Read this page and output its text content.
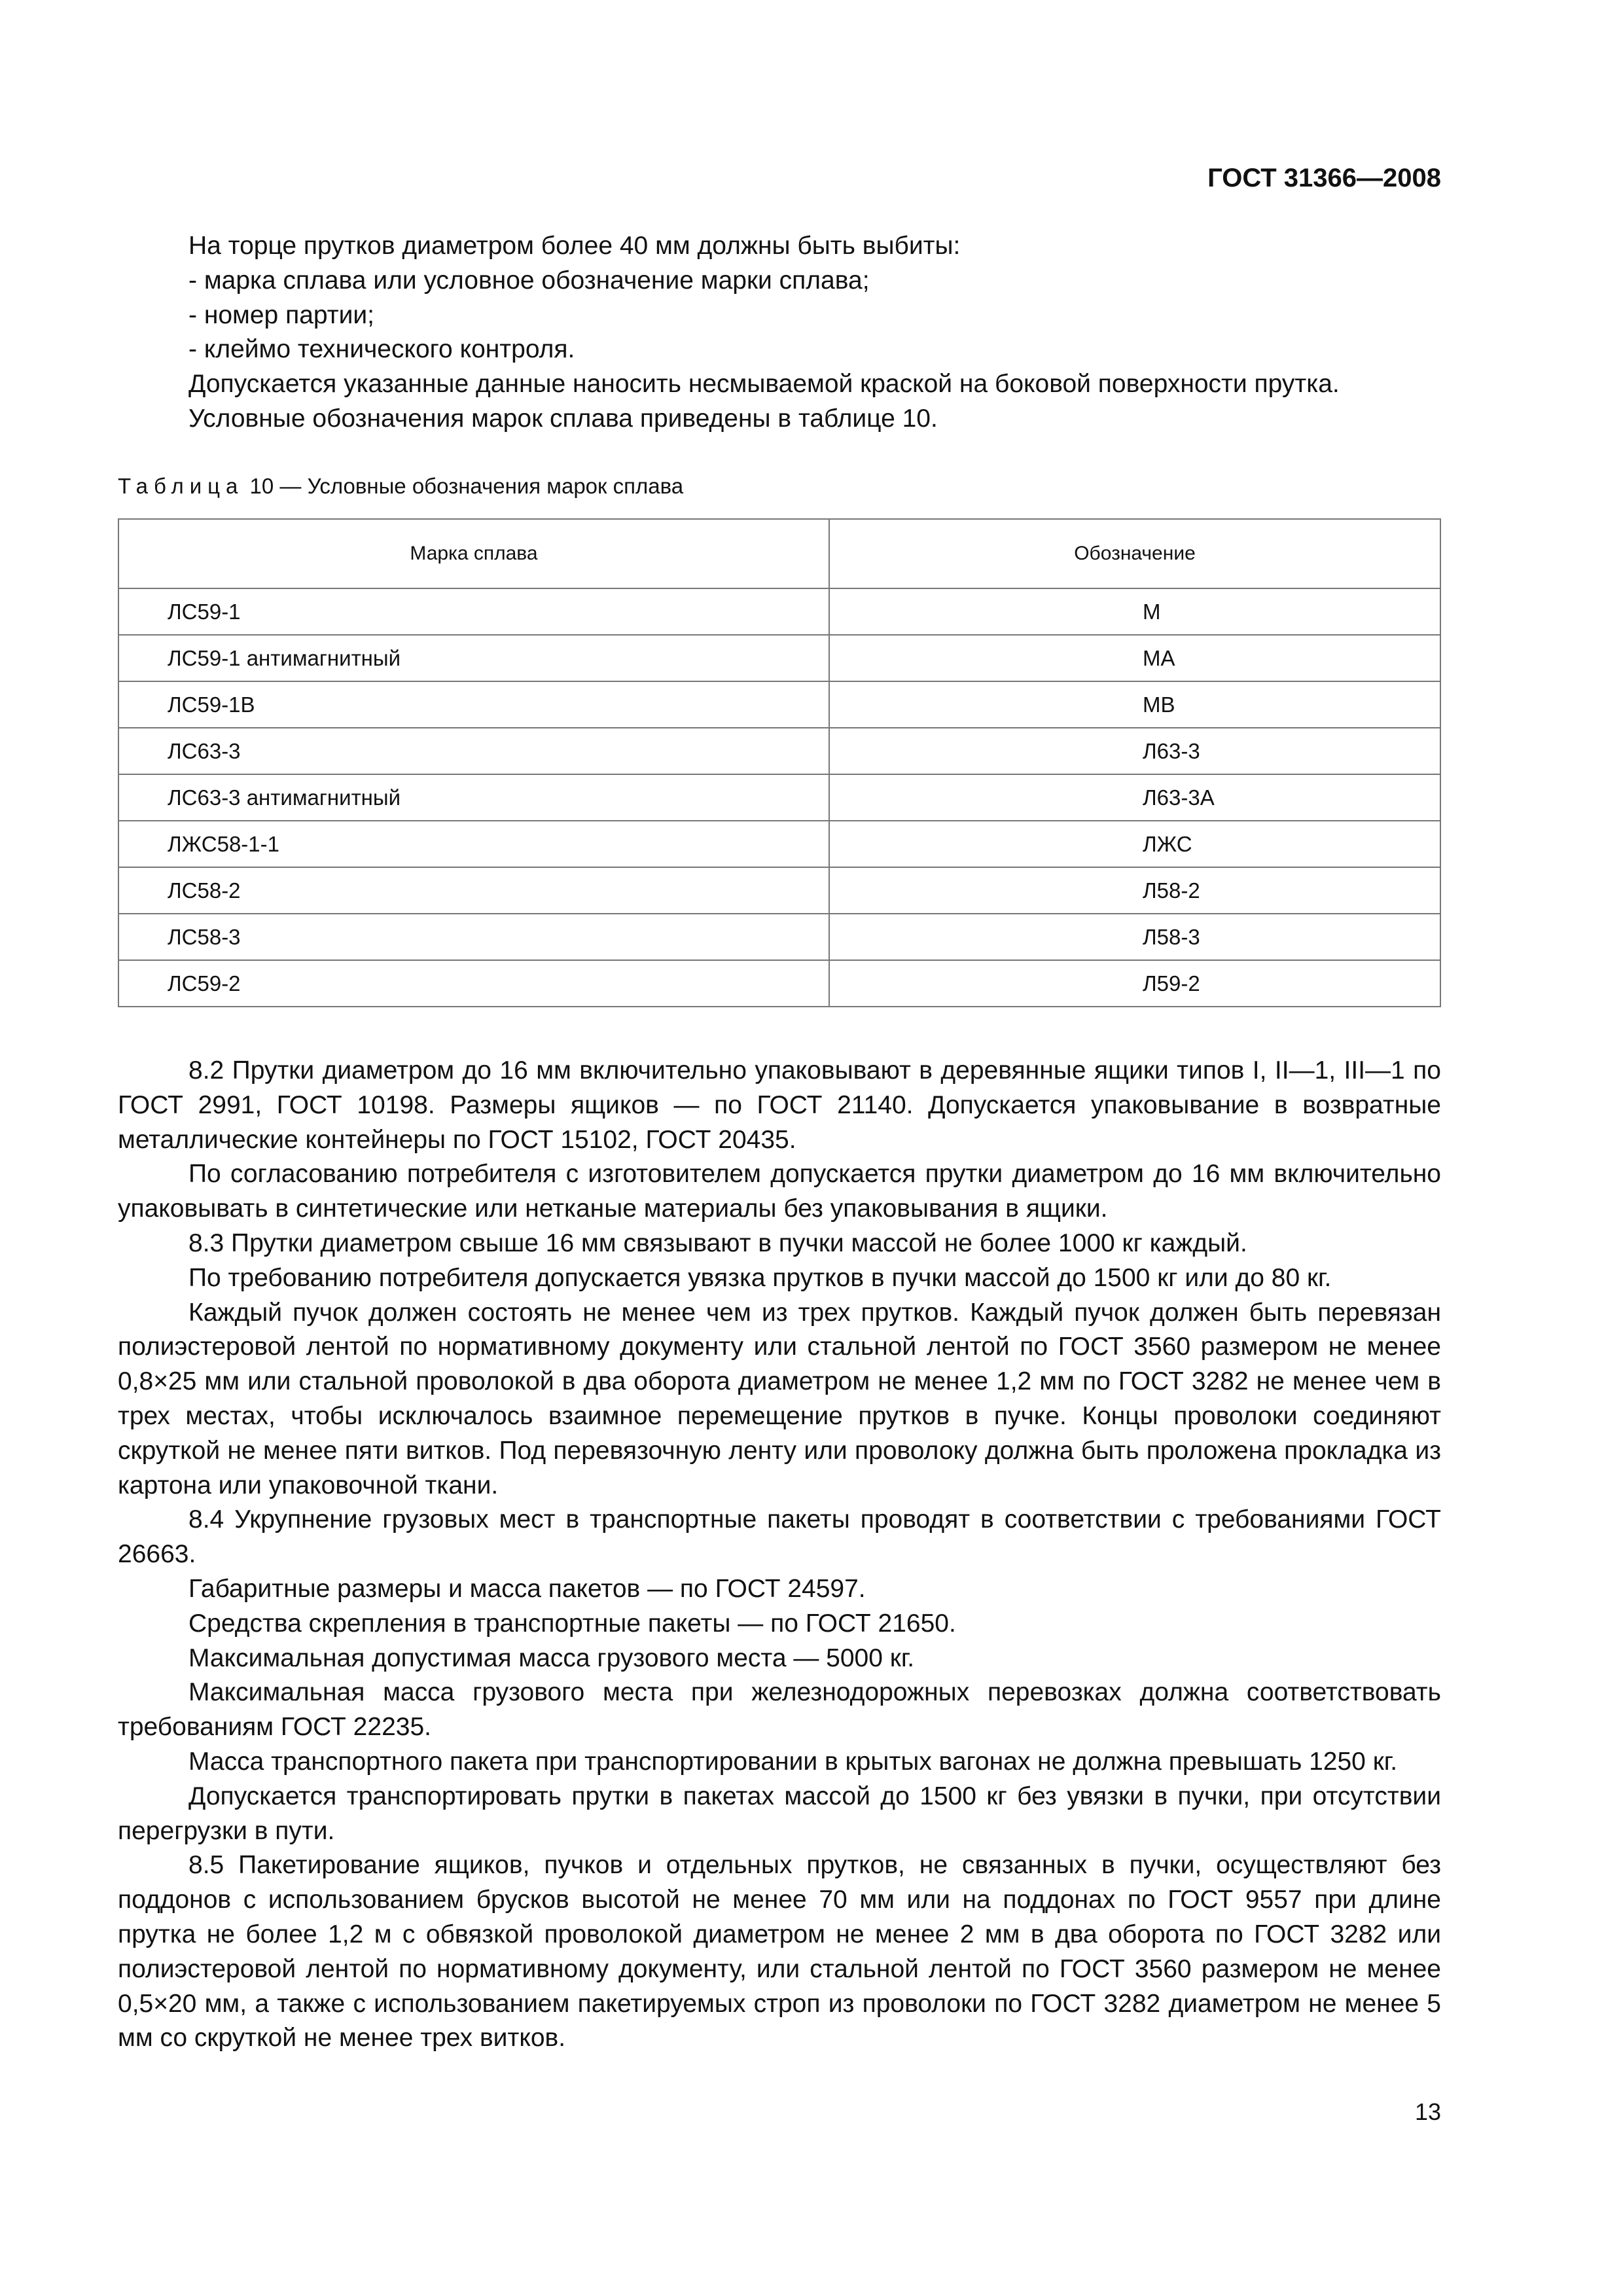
ГОСТ 31366—2008

На торце прутков диаметром более 40 мм должны быть выбиты:

- марка сплава или условное обозначение марки сплава;

- номер партии;

- клеймо технического контроля.

Допускается указанные данные наносить несмываемой краской на боковой поверхности прутка.

Условные обозначения марок сплава приведены в таблице 10.

Таблица 10 — Условные обозначения марок сплава
Марка сплава	Обозначение
ЛС59-1	М
ЛС59-1 антимагнитный	МА
ЛС59-1В	МВ
ЛС63-3	Л63-3
ЛС63-3 антимагнитный	Л63-3А
ЛЖС58-1-1	ЛЖС
ЛС58-2	Л58-2
ЛС58-3	Л58-3
ЛС59-2	Л59-2

8.2 Прутки диаметром до 16 мм включительно упаковывают в деревянные ящики типов I, II—1, III—1 по ГОСТ 2991, ГОСТ 10198. Размеры ящиков — по ГОСТ 21140. Допускается упаковывание в возвратные металлические контейнеры по ГОСТ 15102, ГОСТ 20435.

По согласованию потребителя с изготовителем допускается прутки диаметром до 16 мм включительно упаковывать в синтетические или нетканые материалы без упаковывания в ящики.

8.3 Прутки диаметром свыше 16 мм связывают в пучки массой не более 1000 кг каждый.

По требованию потребителя допускается увязка прутков в пучки массой до 1500 кг или до 80 кг.

Каждый пучок должен состоять не менее чем из трех прутков. Каждый пучок должен быть перевязан полиэстеровой лентой по нормативному документу или стальной лентой по ГОСТ 3560 размером не менее 0,8×25 мм или стальной проволокой в два оборота диаметром не менее 1,2 мм по ГОСТ 3282 не менее чем в трех местах, чтобы исключалось взаимное перемещение прутков в пучке. Концы проволоки соединяют скруткой не менее пяти витков. Под перевязочную ленту или проволоку должна быть проложена прокладка из картона или упаковочной ткани.

8.4 Укрупнение грузовых мест в транспортные пакеты проводят в соответствии с требованиями ГОСТ 26663.

Габаритные размеры и масса пакетов — по ГОСТ 24597.

Средства скрепления в транспортные пакеты — по ГОСТ 21650.

Максимальная допустимая масса грузового места — 5000 кг.

Максимальная масса грузового места при железнодорожных перевозках должна соответствовать требованиям ГОСТ 22235.

Масса транспортного пакета при транспортировании в крытых вагонах не должна превышать 1250 кг.

Допускается транспортировать прутки в пакетах массой до 1500 кг без увязки в пучки, при отсутствии перегрузки в пути.

8.5 Пакетирование ящиков, пучков и отдельных прутков, не связанных в пучки, осуществляют без поддонов с использованием брусков высотой не менее 70 мм или на поддонах по ГОСТ 9557 при длине прутка не более 1,2 м с обвязкой проволокой диаметром не менее 2 мм в два оборота по ГОСТ 3282 или полиэстеровой лентой по нормативному документу, или стальной лентой по ГОСТ 3560 размером не менее 0,5×20 мм, а также с использованием пакетируемых строп из проволоки по ГОСТ 3282 диаметром не менее 5 мм со скруткой не менее трех витков.

13
